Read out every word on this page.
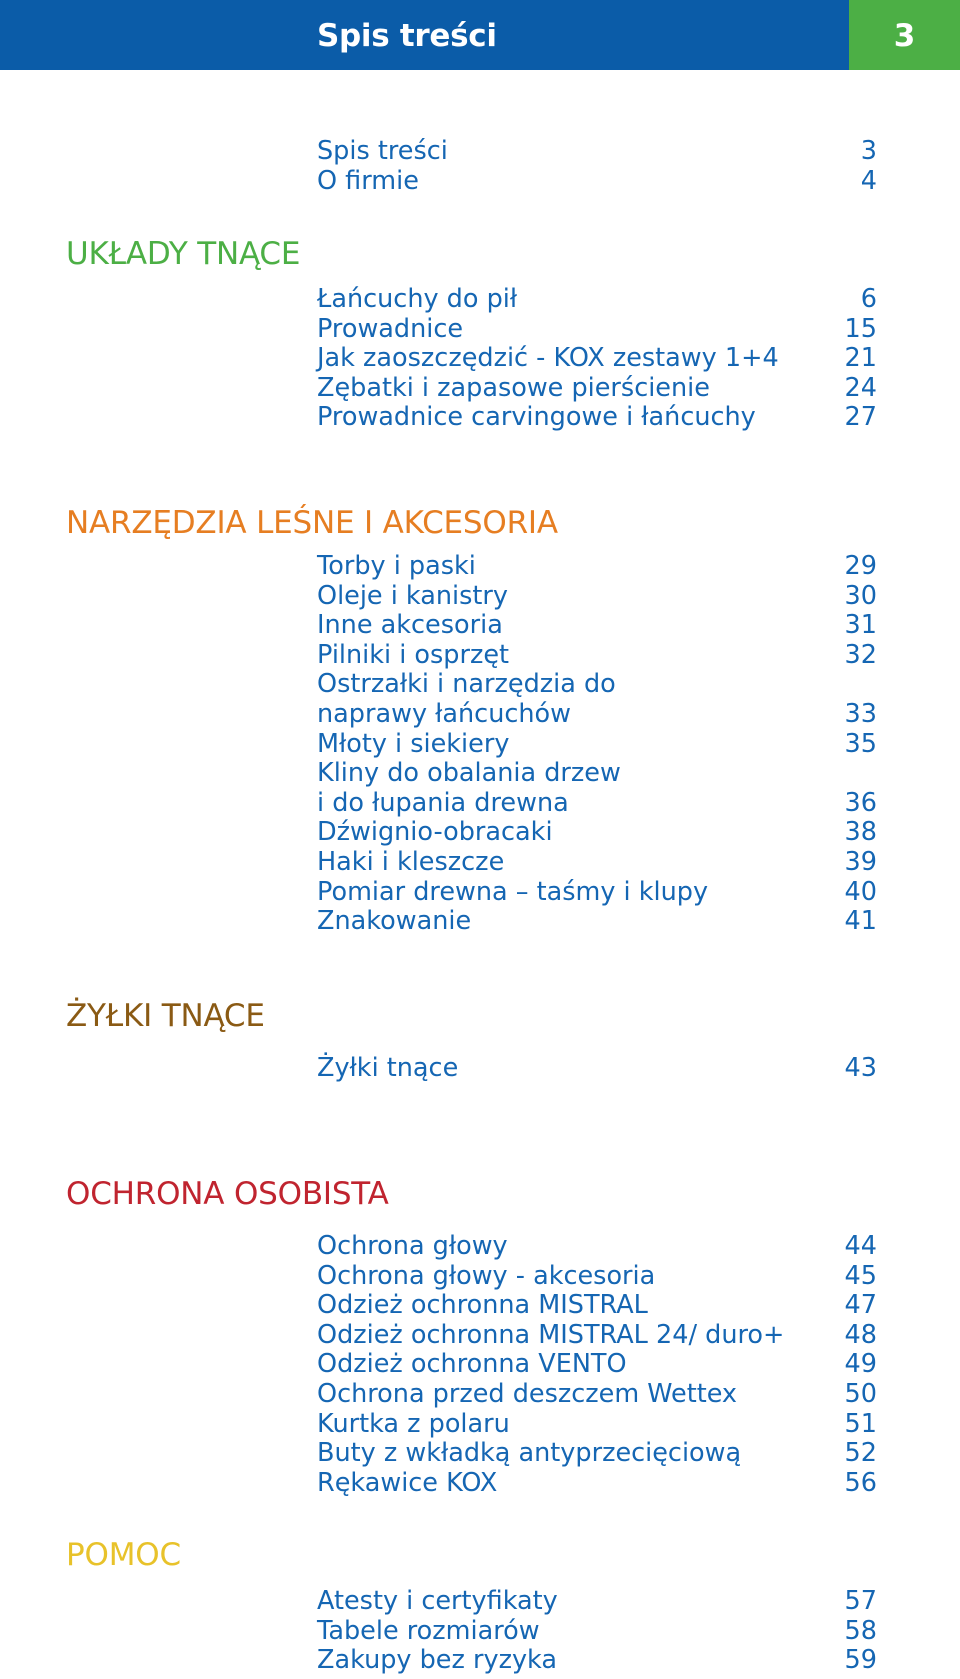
Spis treści	3
Spis treści	3
O firmie	4
UKŁADY TNĄCE
Łańcuchy do pił	6
Prowadnice	15
Jak zaoszczędzić - KOX zestawy 1+4	21
Zębatki i zapasowe pierścienie	24
Prowadnice carvingowe i łańcuchy	27
NARZĘDZIA LEŚNE I AKCESORIA
Torby i paski	29
Oleje i kanistry	30
Inne akcesoria	31
Pilniki i osprzęt	32
Ostrzałki i narzędzia do
naprawy łańcuchów	33
Młoty i siekiery	35
Kliny do obalania drzew
i do łupania drewna	36
Dźwignio-obracaki	38
Haki i kleszcze	39
Pomiar drewna – taśmy i klupy	40
Znakowanie	41
ŻYŁKI TNĄCE
Żyłki tnące	43
OCHRONA OSOBISTA
Ochrona głowy	44
Ochrona głowy - akcesoria	45
Odzież ochronna MISTRAL	47
Odzież ochronna MISTRAL 24/ duro+	48
Odzież ochronna VENTO	49
Ochrona przed deszczem Wettex	50
Kurtka z polaru	51
Buty z wkładką antyprzecięciową	52
Rękawice KOX	56
POMOC
Atesty i certyfikaty	57
Tabele rozmiarów	58
Zakupy bez ryzyka	59
